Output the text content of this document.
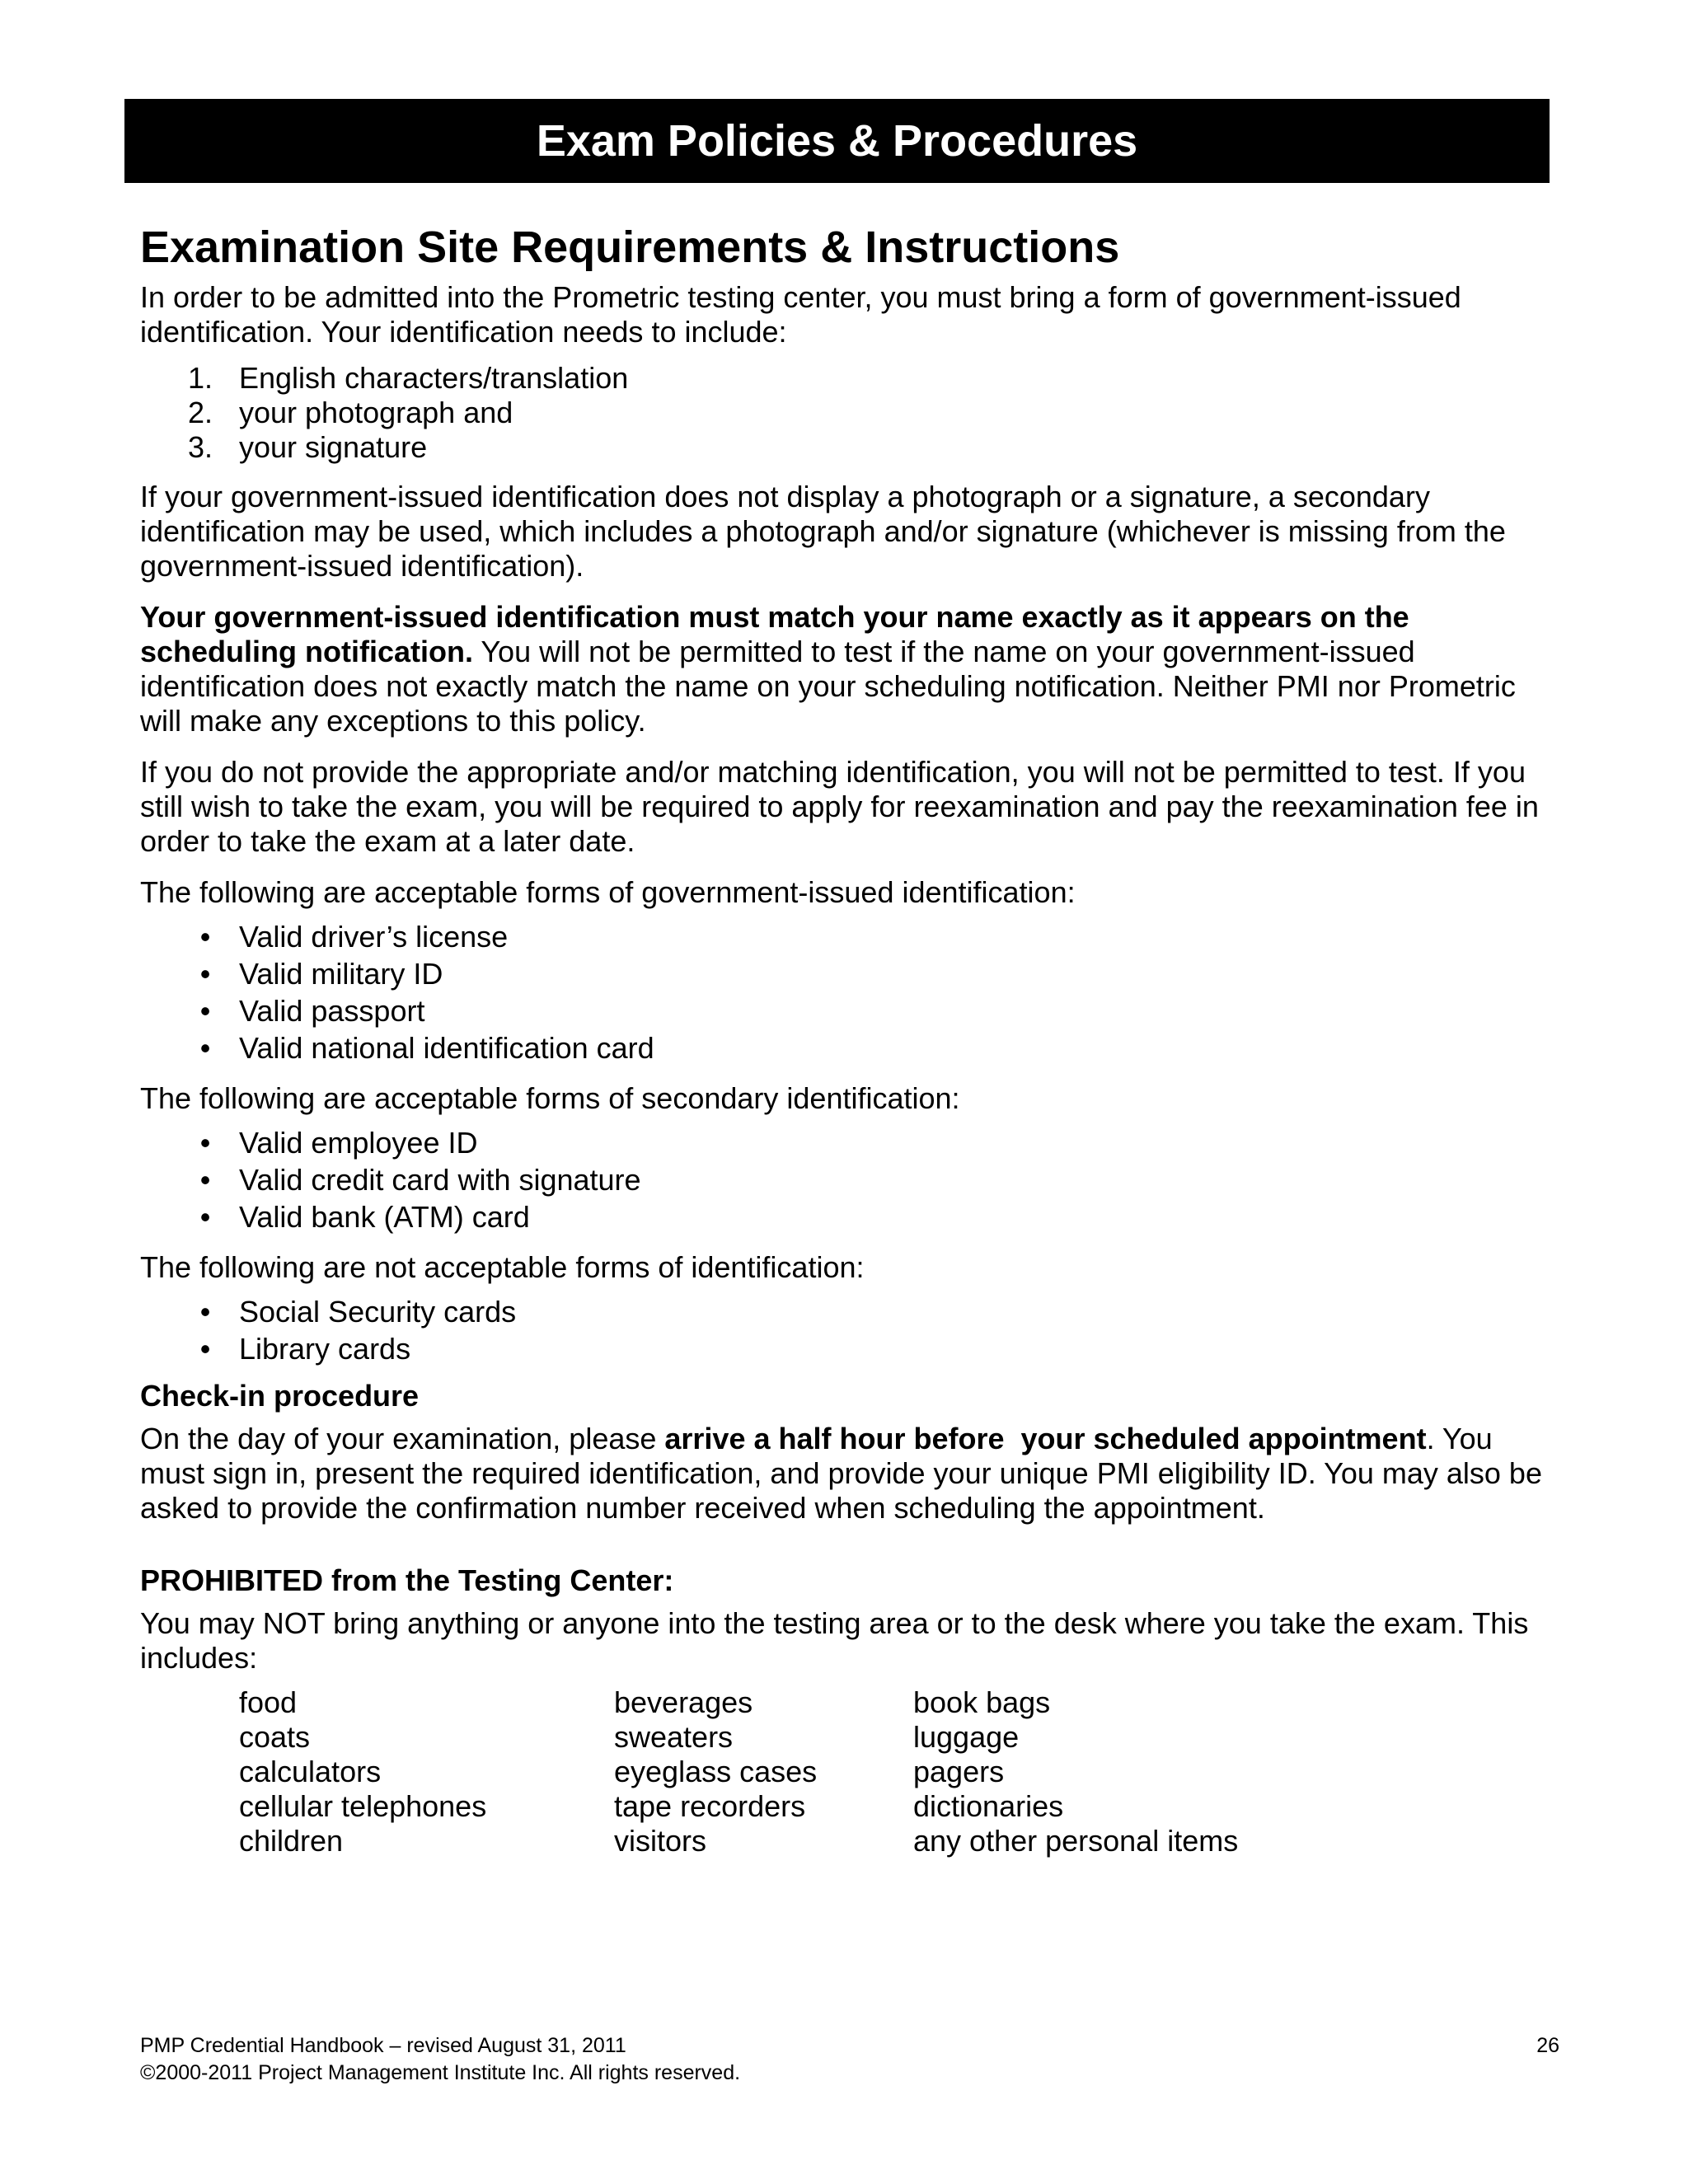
Exam Policies & Procedures
Examination Site Requirements & Instructions

In order to be admitted into the Prometric testing center, you must bring a form of government-issued identification. Your identification needs to include:

1. English characters/translation
2. your photograph and
3. your signature

If your government-issued identification does not display a photograph or a signature, a secondary identification may be used, which includes a photograph and/or signature (whichever is missing from the government-issued identification).

Your government-issued identification must match your name exactly as it appears on the scheduling notification. You will not be permitted to test if the name on your government-issued identification does not exactly match the name on your scheduling notification. Neither PMI nor Prometric will make any exceptions to this policy.

If you do not provide the appropriate and/or matching identification, you will not be permitted to test. If you still wish to take the exam, you will be required to apply for reexamination and pay the reexamination fee in order to take the exam at a later date.

The following are acceptable forms of government-issued identification:

• Valid driver’s license
• Valid military ID
• Valid passport
• Valid national identification card

The following are acceptable forms of secondary identification:

• Valid employee ID
• Valid credit card with signature
• Valid bank (ATM) card

The following are not acceptable forms of identification:

• Social Security cards
• Library cards
Check-in procedure

On the day of your examination, please arrive a half hour before  your scheduled appointment. You must sign in, present the required identification, and provide your unique PMI eligibility ID. You may also be asked to provide the confirmation number received when scheduling the appointment.

PROHIBITED from the Testing Center:

You may NOT bring anything or anyone into the testing area or to the desk where you take the exam. This includes:

food	beverages	book bags
coats	sweaters	luggage
calculators	eyeglass cases	pagers
cellular telephones	tape recorders	dictionaries
children	visitors	any other personal items
PMP Credential Handbook – revised August 31, 2011	26
©2000-2011 Project Management Institute Inc. All rights reserved.
